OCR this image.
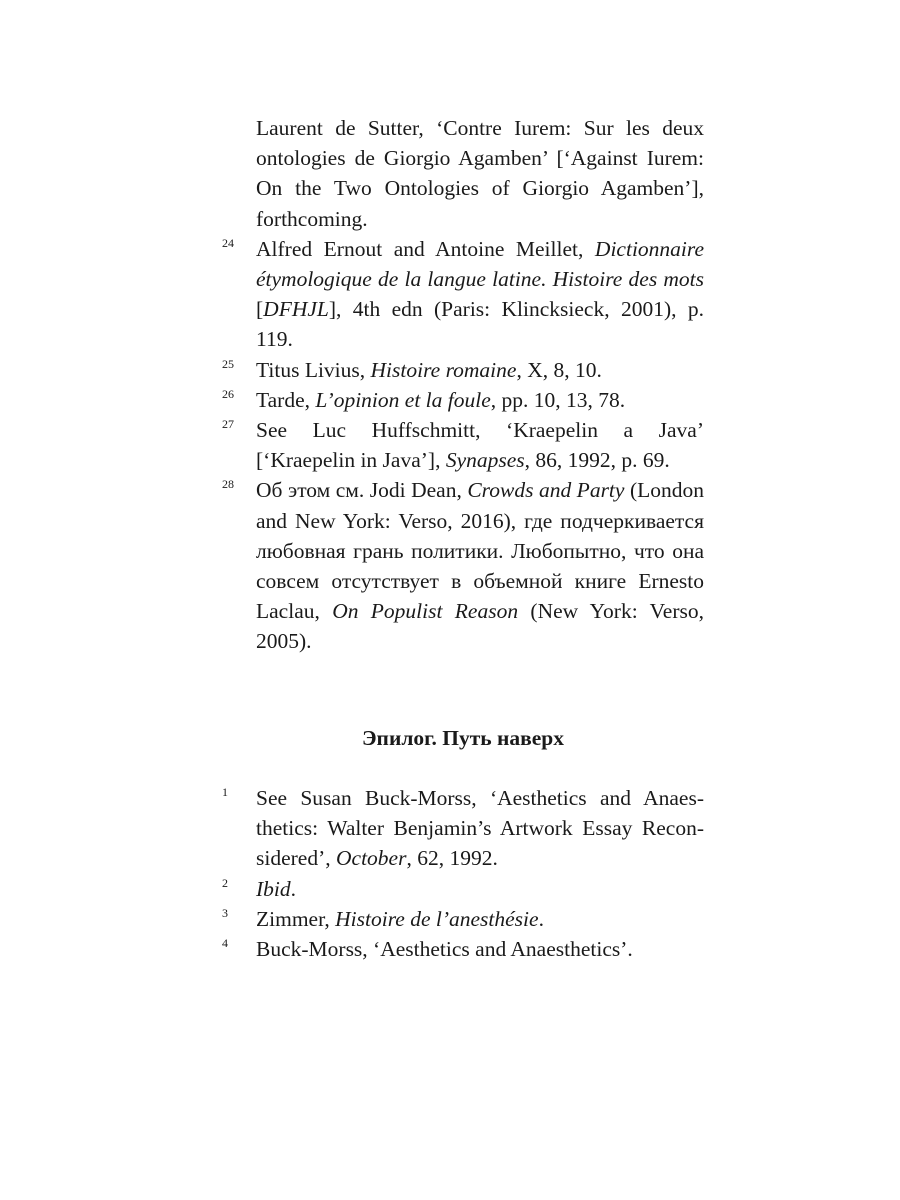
Laurent de Sutter, ‘Contre Iurem: Sur les deux ontologies de Giorgio Agamben’ [‘Against Iurem: On the Two Ontologies of Giorgio Agamben’], forthcoming.
24 Alfred Ernout and Antoine Meillet, Dictionnaire étymologique de la langue latine. Histoire des mots [DFHJL], 4th edn (Paris: Klincksieck, 2001), p. 119.
25 Titus Livius, Histoire romaine, X, 8, 10.
26 Tarde, L’opinion et la foule, pp. 10, 13, 78.
27 See Luc Huffschmitt, ‘Kraepelin a Java’ [‘Kraepelin in Java’], Synapses, 86, 1992, p. 69.
28 Об этом см. Jodi Dean, Crowds and Party (London and New York: Verso, 2016), где подчеркивается любовная грань политики. Любопытно, что она совсем отсутствует в объемной книге Ernesto Laclau, On Populist Reason (New York: Verso, 2005).
Эпилог. Путь наверх
1 See Susan Buck-Morss, ‘Aesthetics and Anaesthetics: Walter Benjamin’s Artwork Essay Reconsidered’, October, 62, 1992.
2 Ibid.
3 Zimmer, Histoire de l’anesthésie.
4 Buck-Morss, ‘Aesthetics and Anaesthetics’.
